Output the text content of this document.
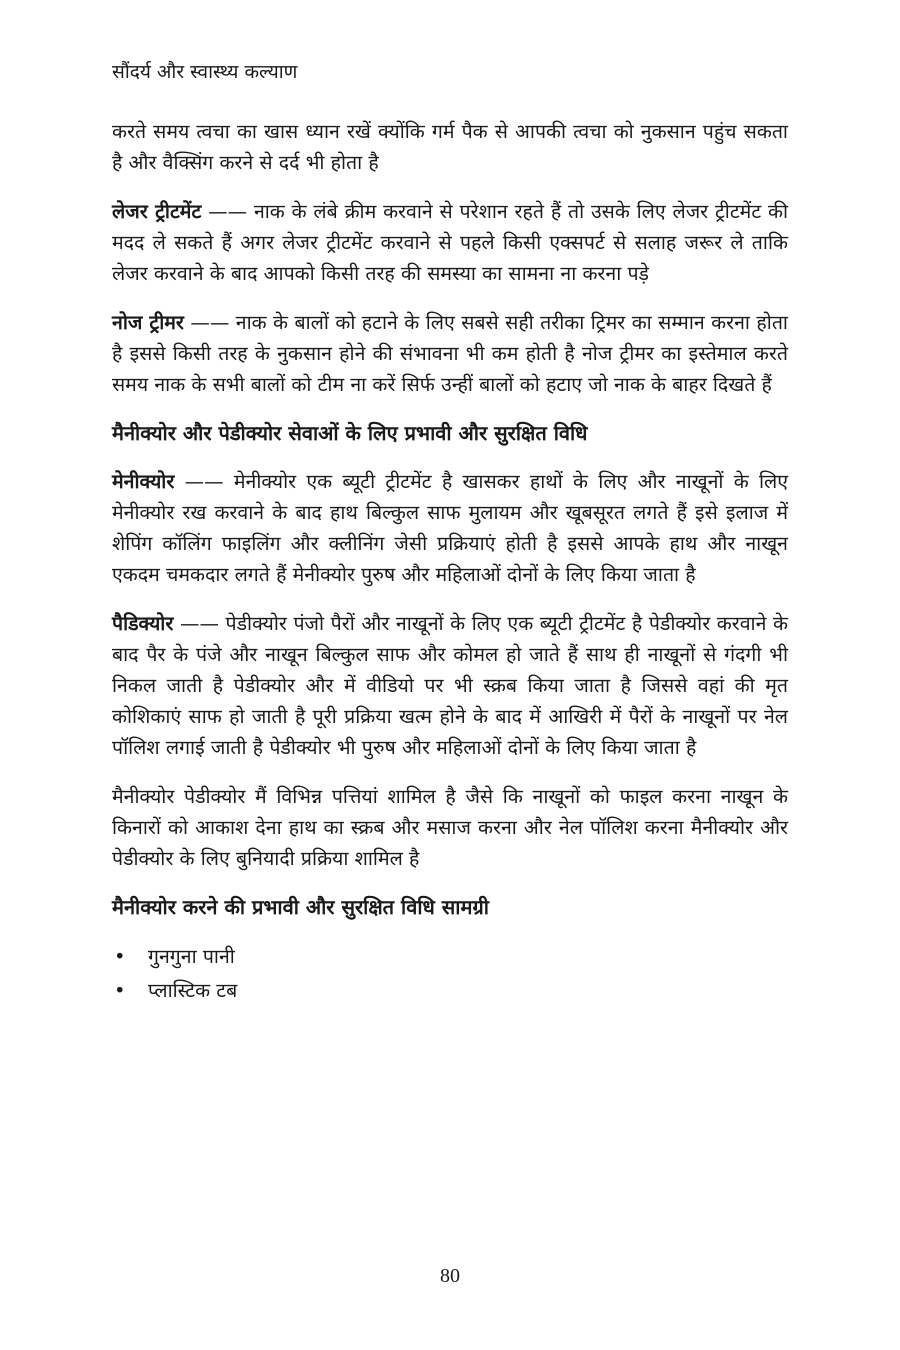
सौंदर्य और स्वास्थ्य कल्याण

करते समय त्वचा का खास ध्यान रखें क्योंकि गर्म पैक से आपकी त्वचा को नुकसान पहुंच सकता है और वैक्सिंग करने से दर्द भी होता है

लेजर ट्रीटमेंट —— नाक के लंबे क्रीम करवाने से परेशान रहते हैं तो उसके लिए लेजर ट्रीटमेंट की मदद ले सकते हैं अगर लेजर ट्रीटमेंट करवाने से पहले किसी एक्सपर्ट से सलाह जरूर ले ताकि लेजर करवाने के बाद आपको किसी तरह की समस्या का सामना ना करना पड़े

नोज ट्रीमर —— नाक के बालों को हटाने के लिए सबसे सही तरीका ट्रिमर का सम्मान करना होता है इससे किसी तरह के नुकसान होने की संभावना भी कम होती है नोज ट्रीमर का इस्तेमाल करते समय नाक के सभी बालों को टीम ना करें सिर्फ उन्हीं बालों को हटाए जो नाक के बाहर दिखते हैं

मैनीक्योर और पेडीक्योर सेवाओं के लिए प्रभावी और सुरक्षित विधि

मेनीक्योर —— मेनीक्योर एक ब्यूटी ट्रीटमेंट है खासकर हाथों के लिए और नाखूनों के लिए मेनीक्योर रख करवाने के बाद हाथ बिल्कुल साफ मुलायम और खूबसूरत लगते हैं इसे इलाज में शेपिंग कॉलिंग फाइलिंग और क्लीनिंग जेसी प्रक्रियाएं होती है इससे आपके हाथ और नाखून एकदम चमकदार लगते हैं मेनीक्योर पुरुष और महिलाओं दोनों के लिए किया जाता है

पैडिक्योर —— पेडीक्योर पंजो पैरों और नाखूनों के लिए एक ब्यूटी ट्रीटमेंट है पेडीक्योर करवाने के बाद पैर के पंजे और नाखून बिल्कुल साफ और कोमल हो जाते हैं साथ ही नाखूनों से गंदगी भी निकल जाती है पेडीक्योर और में वीडियो पर भी स्क्रब किया जाता है जिससे वहां की मृत कोशिकाएं साफ हो जाती है पूरी प्रक्रिया खत्म होने के बाद में आखिरी में पैरों के नाखूनों पर नेल पॉलिश लगाई जाती है पेडीक्योर भी पुरुष और महिलाओं दोनों के लिए किया जाता है

मैनीक्योर पेडीक्योर मैं विभिन्न पत्तियां शामिल है जैसे कि नाखूनों को फाइल करना नाखून के किनारों को आकाश देना हाथ का स्क्रब और मसाज करना और नेल पॉलिश करना मैनीक्योर और पेडीक्योर के लिए बुनियादी प्रक्रिया शामिल है

मैनीक्योर करने की प्रभावी और सुरक्षित विधि सामग्री
• गुनगुना पानी
• प्लास्टिक टब
80
